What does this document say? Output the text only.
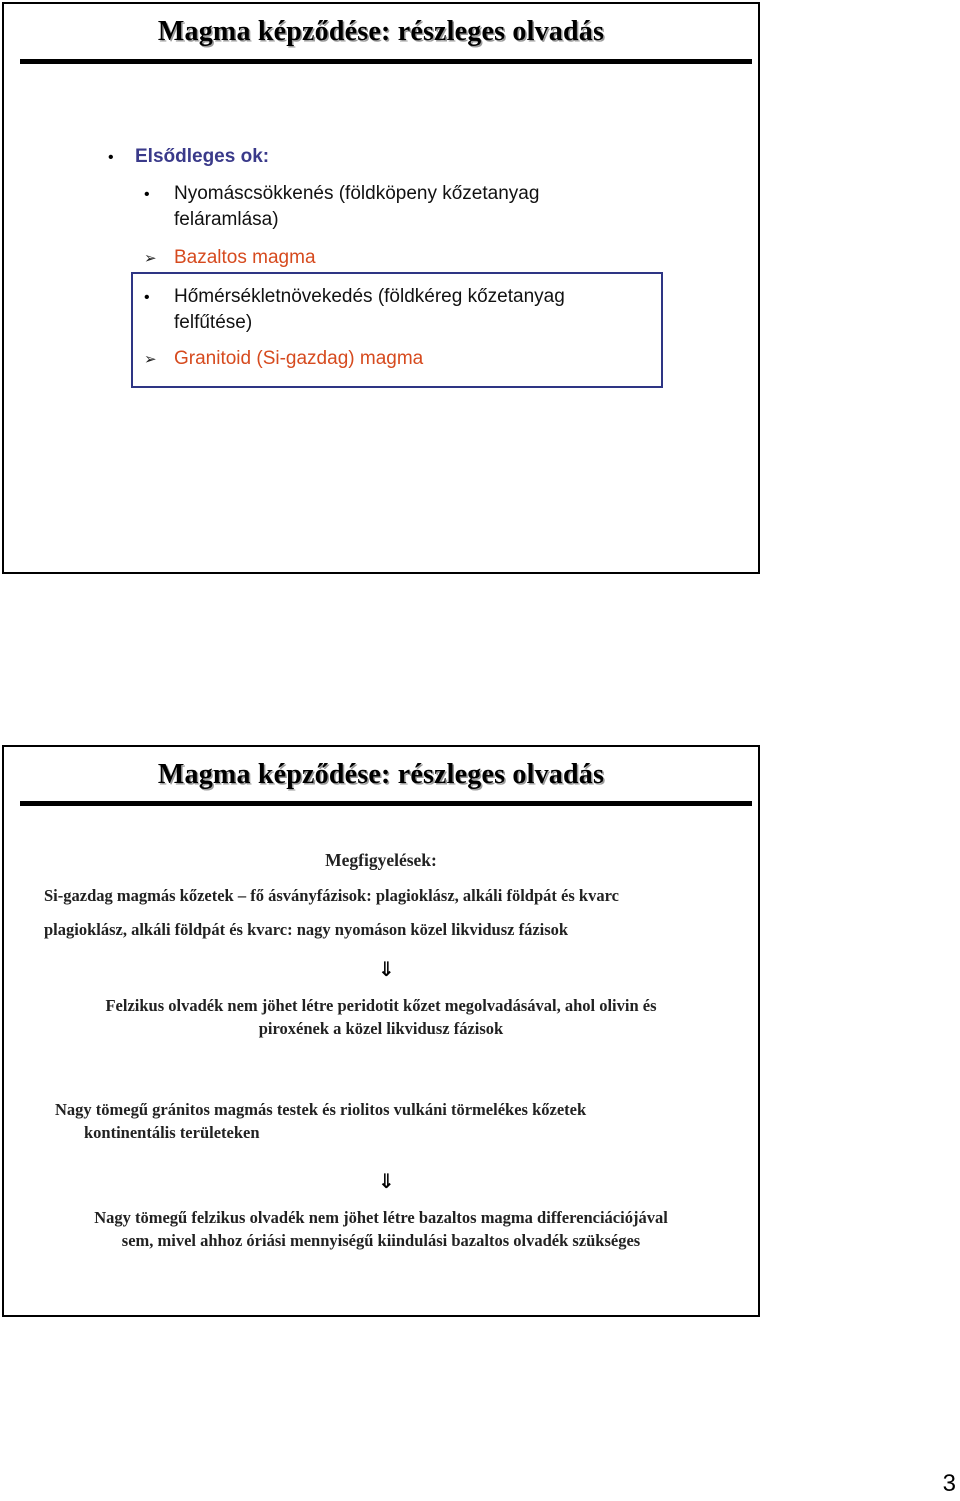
Magma képződése: részleges olvadás
• Elsődleges ok:
• Nyomáscsökkenés (földköpeny kőzetanyag
feláramlása)
➢ Bazaltos magma
• Hőmérsékletnövekedés (földkéreg kőzetanyag
felfűtése)
➢ Granitoid (Si-gazdag) magma
Magma képződése: részleges olvadás
Megfigyelések:
Si-gazdag magmás kőzetek – fő ásványfázisok: plagioklász, alkáli földpát és kvarc
plagioklász, alkáli földpát és kvarc: nagy nyomáson közel likvidusz fázisok
⇓
Felzikus olvadék nem jöhet létre peridotit kőzet megolvadásával, ahol olivin és
piroxének a közel likvidusz fázisok
Nagy tömegű gránitos magmás testek és riolitos vulkáni törmelékes kőzetek
kontinentális területeken
⇓
Nagy tömegű felzikus olvadék nem jöhet létre bazaltos magma differenciációjával
sem, mivel ahhoz óriási mennyiségű kiindulási bazaltos olvadék szükséges
3
